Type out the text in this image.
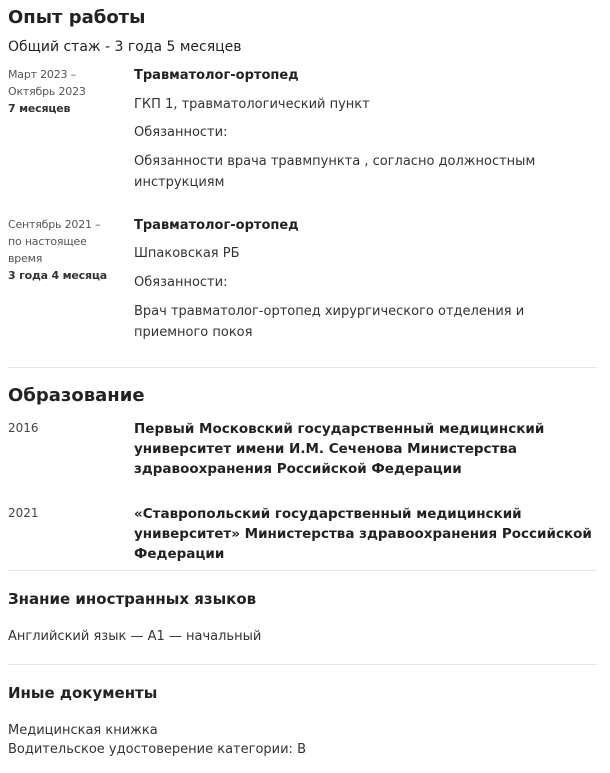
Опыт работы
Общий стаж - 3 года 5 месяцев
Март 2023 –
Октябрь 2023
7 месяцев
Травматолог-ортопед
ГКП 1, травматологический пункт
Обязанности:
Обязанности врача травмпункта , согласно должностным инструкциям
Сентябрь 2021 –
по настоящее
время
3 года 4 месяца
Травматолог-ортопед
Шпаковская РБ
Обязанности:
Врач травматолог-ортопед хирургического отделения и приемного покоя
Образование
2016	Первый Московский государственный медицинский университет имени И.М. Сеченова Министерства здравоохранения Российской Федерации
2021	«Ставропольский государственный медицинский университет» Министерства здравоохранения Российской Федерации
Знание иностранных языков
Английский язык — A1 — начальный
Иные документы
Медицинская книжка
Водительское удостоверение категории: B
